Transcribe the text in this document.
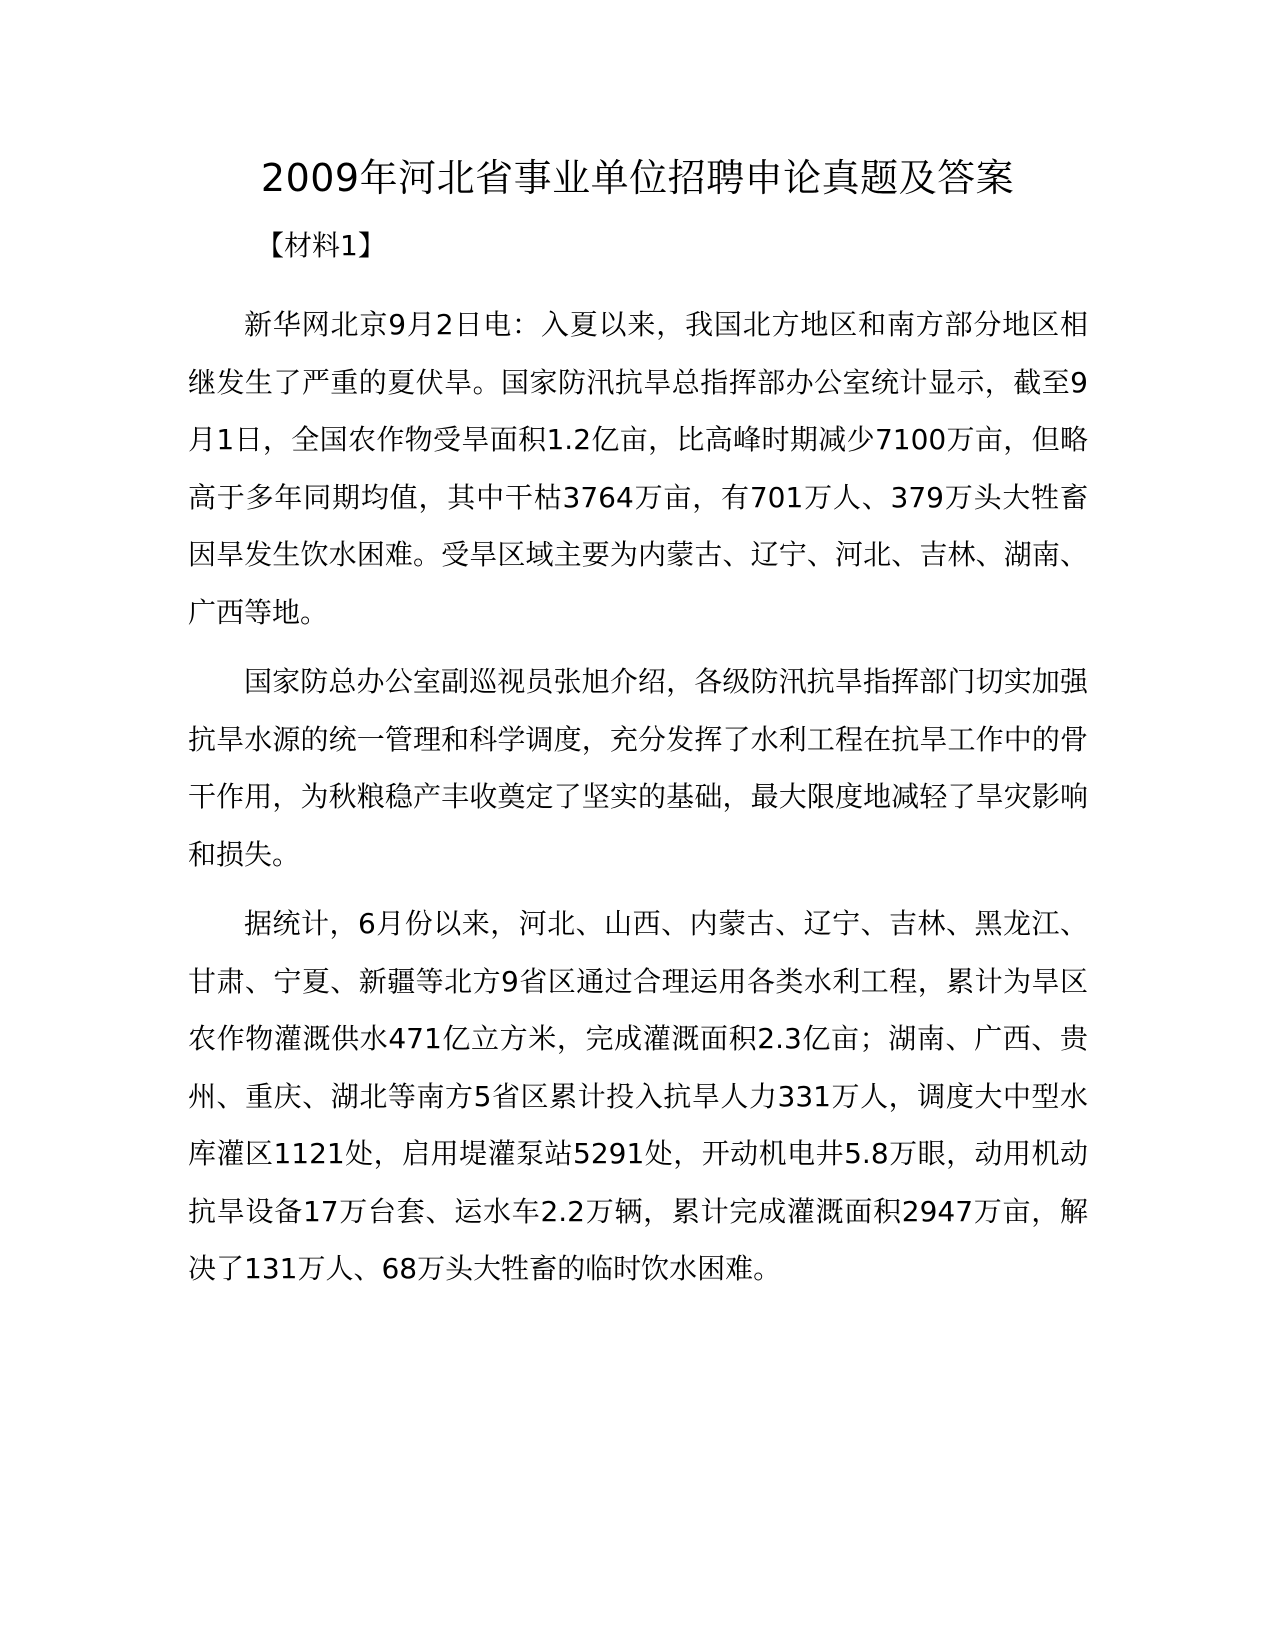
2009年河北省事业单位招聘申论真题及答案

【材料1】

新华网北京9月2日电：入夏以来，我国北方地区和南方部分地区相继发生了严重的夏伏旱。国家防汛抗旱总指挥部办公室统计显示，截至9月1日，全国农作物受旱面积1.2亿亩，比高峰时期减少7100万亩，但略高于多年同期均值，其中干枯3764万亩，有701万人、379万头大牲畜因旱发生饮水困难。受旱区域主要为内蒙古、辽宁、河北、吉林、湖南、广西等地。

国家防总办公室副巡视员张旭介绍，各级防汛抗旱指挥部门切实加强抗旱水源的统一管理和科学调度，充分发挥了水利工程在抗旱工作中的骨干作用，为秋粮稳产丰收奠定了坚实的基础，最大限度地减轻了旱灾影响和损失。

据统计，6月份以来，河北、山西、内蒙古、辽宁、吉林、黑龙江、甘肃、宁夏、新疆等北方9省区通过合理运用各类水利工程，累计为旱区农作物灌溉供水471亿立方米，完成灌溉面积2.3亿亩；湖南、广西、贵州、重庆、湖北等南方5省区累计投入抗旱人力331万人，调度大中型水库灌区1121处，启用堤灌泵站5291处，开动机电井5.8万眼，动用机动抗旱设备17万台套、运水车2.2万辆，累计完成灌溉面积2947万亩，解决了131万人、68万头大牲畜的临时饮水困难。
